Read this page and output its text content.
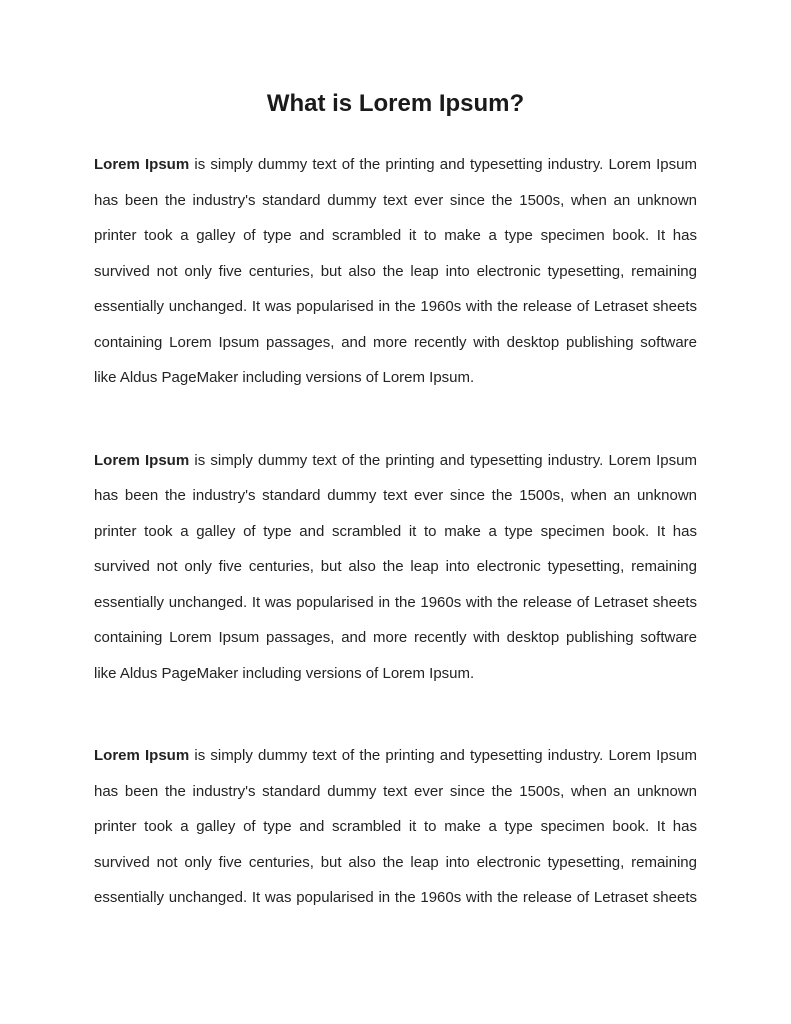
What is Lorem Ipsum?

Lorem Ipsum is simply dummy text of the printing and typesetting industry. Lorem Ipsum has been the industry's standard dummy text ever since the 1500s, when an unknown printer took a galley of type and scrambled it to make a type specimen book. It has survived not only five centuries, but also the leap into electronic typesetting, remaining essentially unchanged. It was popularised in the 1960s with the release of Letraset sheets containing Lorem Ipsum passages, and more recently with desktop publishing software like Aldus PageMaker including versions of Lorem Ipsum.

Lorem Ipsum is simply dummy text of the printing and typesetting industry. Lorem Ipsum has been the industry's standard dummy text ever since the 1500s, when an unknown printer took a galley of type and scrambled it to make a type specimen book. It has survived not only five centuries, but also the leap into electronic typesetting, remaining essentially unchanged. It was popularised in the 1960s with the release of Letraset sheets containing Lorem Ipsum passages, and more recently with desktop publishing software like Aldus PageMaker including versions of Lorem Ipsum.

Lorem Ipsum is simply dummy text of the printing and typesetting industry. Lorem Ipsum has been the industry's standard dummy text ever since the 1500s, when an unknown printer took a galley of type and scrambled it to make a type specimen book. It has survived not only five centuries, but also the leap into electronic typesetting, remaining essentially unchanged. It was popularised in the 1960s with the release of Letraset sheets
